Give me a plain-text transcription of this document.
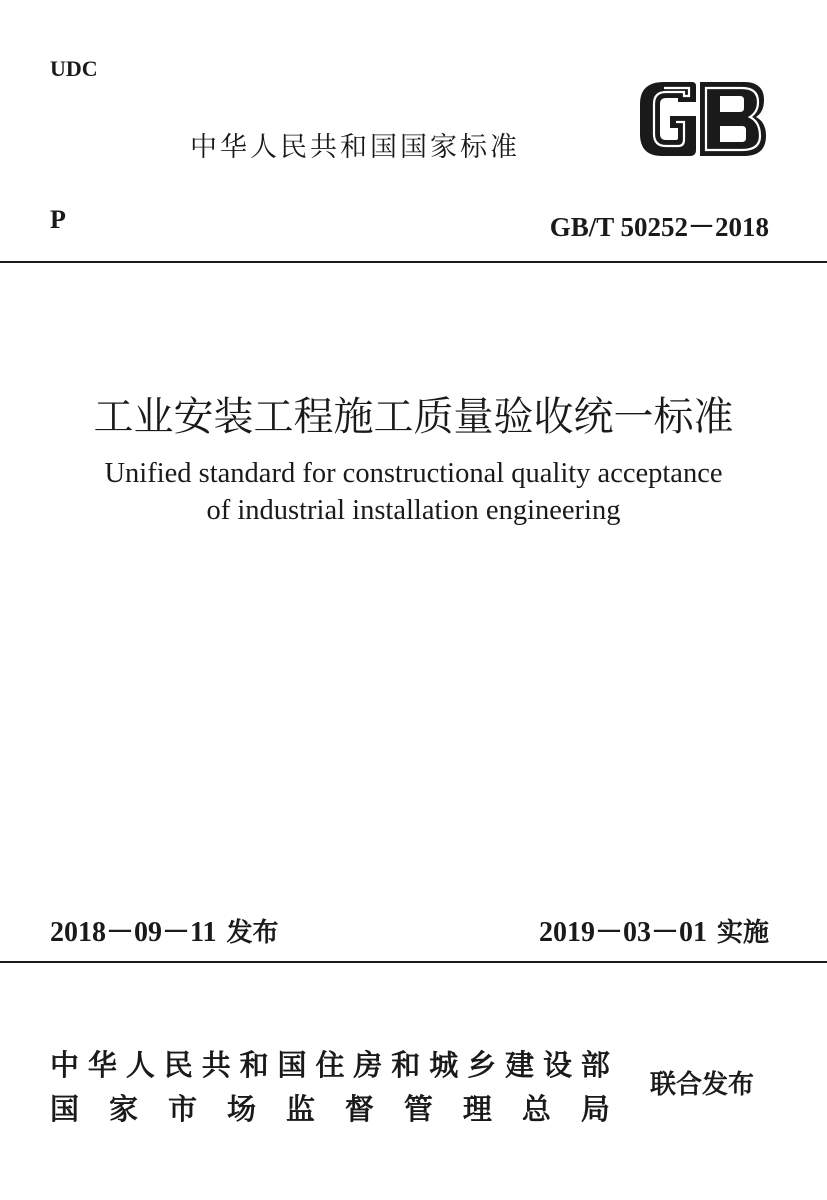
UDC
中华人民共和国国家标准
P	GB/T 50252－2018
工业安装工程施工质量验收统一标准
Unified standard for constructional quality acceptance
of industrial installation engineering
2018－09－11 发布	2019－03－01 实施
中 华 人 民 共 和 国 住 房 和 城 乡 建 设 部
国 家 市 场 监 督 管 理 总 局
联合发布
